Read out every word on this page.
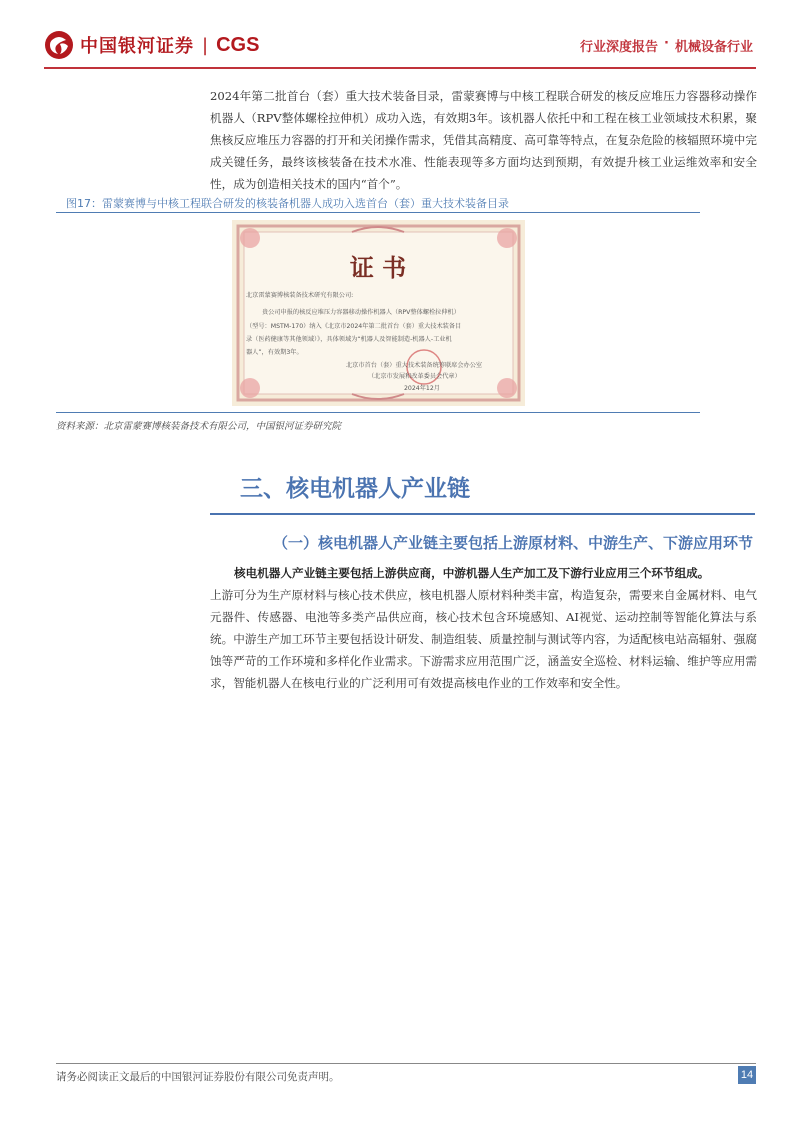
中国银河证券 | CGS	行业深度报告 · 机械设备行业
2024年第二批首台（套）重大技术装备目录，雷蒙赛博与中核工程联合研发的核反应堆压力容器移动操作机器人（RPV整体螺栓拉伸机）成功入选，有效期3年。该机器人依托中和工程在核工业领域技术积累，聚焦核反应堆压力容器的打开和关闭操作需求，凭借其高精度、高可靠等特点，在复杂危险的核辐照环境中完成关键任务，最终该核装备在技术水准、性能表现等多方面均达到预期，有效提升核工业运维效率和安全性，成为创造相关技术的国内“首个”。
图17：雷蒙赛博与中核工程联合研发的核装备机器人成功入选首台（套）重大技术装备目录
证 书
北京雷蒙赛博核装备技术研究有限公司:
贵公司申报的核反应堆压力容器移动操作机器人（RPV整体螺栓拉伸机）
（型号：MSTM-170）纳入《北京市2024年第二批首台（套）重大技术装备目
录（医药健康等其他领域）》，具体领域为“机器人及智能制造-机器人-工业机
器人”，有效期3年。
北京市首台（套）重大技术装备统筹联席会办公室
（北京市发展和改革委员会代章）
2024年12月
资料来源：北京雷蒙赛博核装备技术有限公司，中国银河证券研究院
三、核电机器人产业链
（一）核电机器人产业链主要包括上游原材料、中游生产、下游应用环节
核电机器人产业链主要包括上游供应商，中游机器人生产加工及下游行业应用三个环节组成。
上游可分为生产原材料与核心技术供应，核电机器人原材料种类丰富，构造复杂，需要来自金属材料、电气元器件、传感器、电池等多类产品供应商，核心技术包含环境感知、AI视觉、运动控制等智能化算法与系统。中游生产加工环节主要包括设计研发、制造组装、质量控制与测试等内容，为适配核电站高辐射、强腐蚀等严苛的工作环境和多样化作业需求。下游需求应用范围广泛，涵盖安全巡检、材料运输、维护等应用需求，智能机器人在核电行业的广泛利用可有效提高核电作业的工作效率和安全性。
请务必阅读正文最后的中国银河证券股份有限公司免责声明。	14
